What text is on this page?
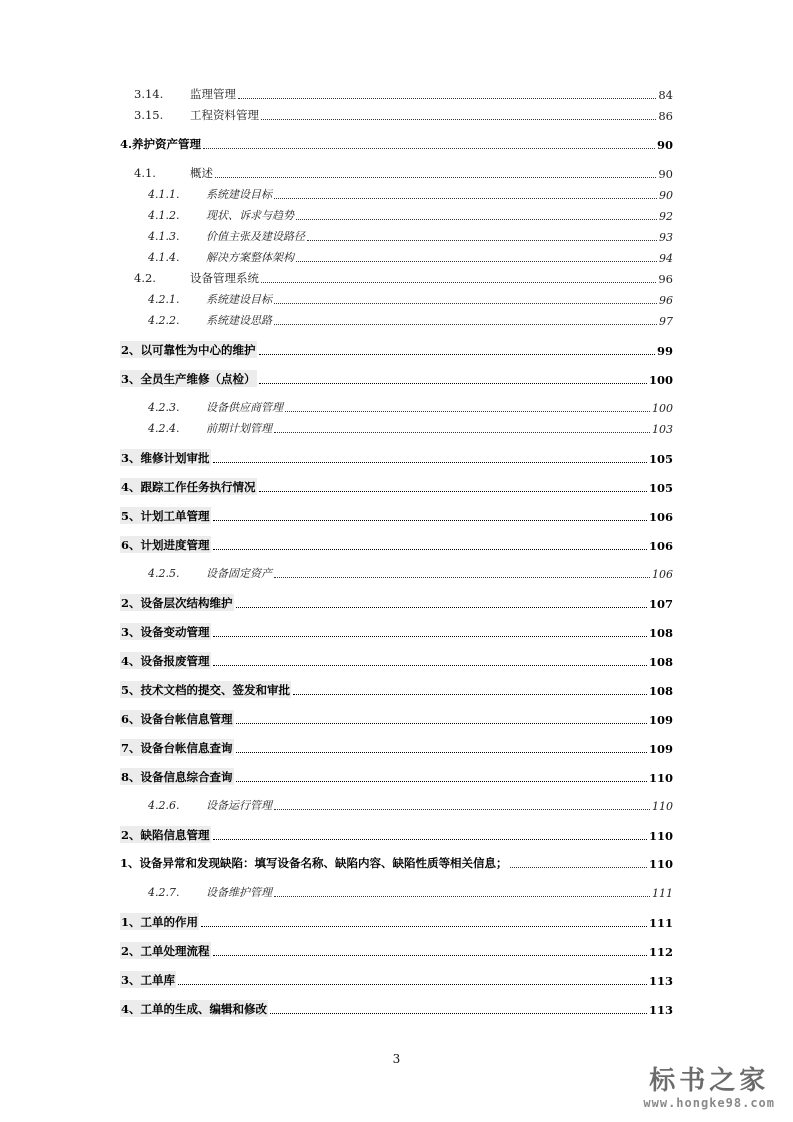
3.14. 监理管理	84
3.15. 工程资料管理	86
4.养护资产管理	90
4.1.	概述	90
4.1.1. 系统建设目标	90
4.1.2. 现状、诉求与趋势	92
4.1.3. 价值主张及建设路径	93
4.1.4. 解决方案整体架构	94
4.2.	设备管理系统	96
4.2.1. 系统建设目标	96
4.2.2. 系统建设思路	97
2、以可靠性为中心的维护	99
3、全员生产维修（点检）	100
4.2.3. 设备供应商管理	100
4.2.4. 前期计划管理	103
3、维修计划审批	105
4、跟踪工作任务执行情况	105
5、计划工单管理	106
6、计划进度管理	106
4.2.5. 设备固定资产	106
2、设备层次结构维护	107
3、设备变动管理	108
4、设备报废管理	108
5、技术文档的提交、签发和审批	108
6、设备台帐信息管理	109
7、设备台帐信息查询	109
8、设备信息综合查询	110
4.2.6. 设备运行管理	110
2、缺陷信息管理	110
1、设备异常和发现缺陷：填写设备名称、缺陷内容、缺陷性质等相关信息；	110
4.2.7. 设备维护管理	111
1、工单的作用	111
2、工单处理流程	112
3、工单库	113
4、工单的生成、编辑和修改	113
3
标书之家
www.hongke98.com
